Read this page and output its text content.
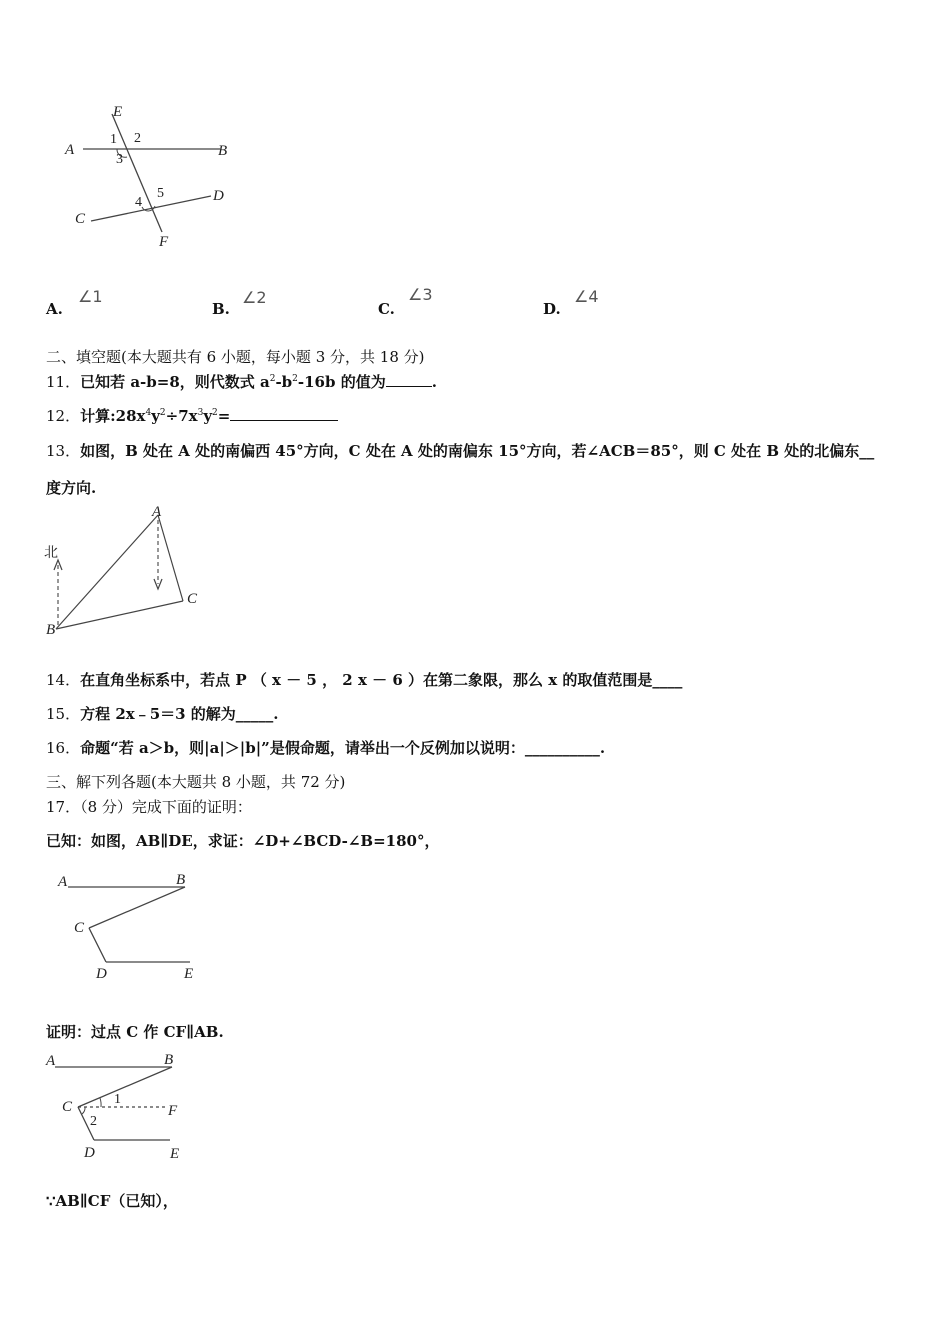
E
A	B
C
D
F
1 2
3
4
5
A.
∠1
B.
∠2
C.
∠3
D.
∠4
二、填空题(本大题共有 6 小题，每小题 3 分，共 18 分)
11．已知若 a-b=8，则代数式 $a^2-b^2-16b$ 的值为	.
12．计算$:28x^4y^2\div 7x^3y^2=$
13．如图，B 处在 A 处的南偏西 45°方向，C 处在 A 处的南偏东 15°方向，若∠ACB＝85°，则 C 处在 B 处的北偏东__
度方向.
北
A
B
C
14．在直角坐标系中，若点 P （ x － 5 ， 2 x － 6 ）在第二象限，那么 x 的取值范围是____
15．方程 2x﹣5＝3 的解为_____.
16．命题“若 a＞b，则|a|＞|b|”是假命题，请举出一个反例加以说明：__________.
三、解下列各题(本大题共 8 小题，共 72 分)
17．（8 分）完成下面的证明：
已知：如图，AB∥DE，求证：∠D+∠BCD-∠B=180°，
A	B
C
D	E
证明：过点 C 作 CF∥AB.
A	B
C	F
D	E
1
2
∵AB∥CF（已知），
